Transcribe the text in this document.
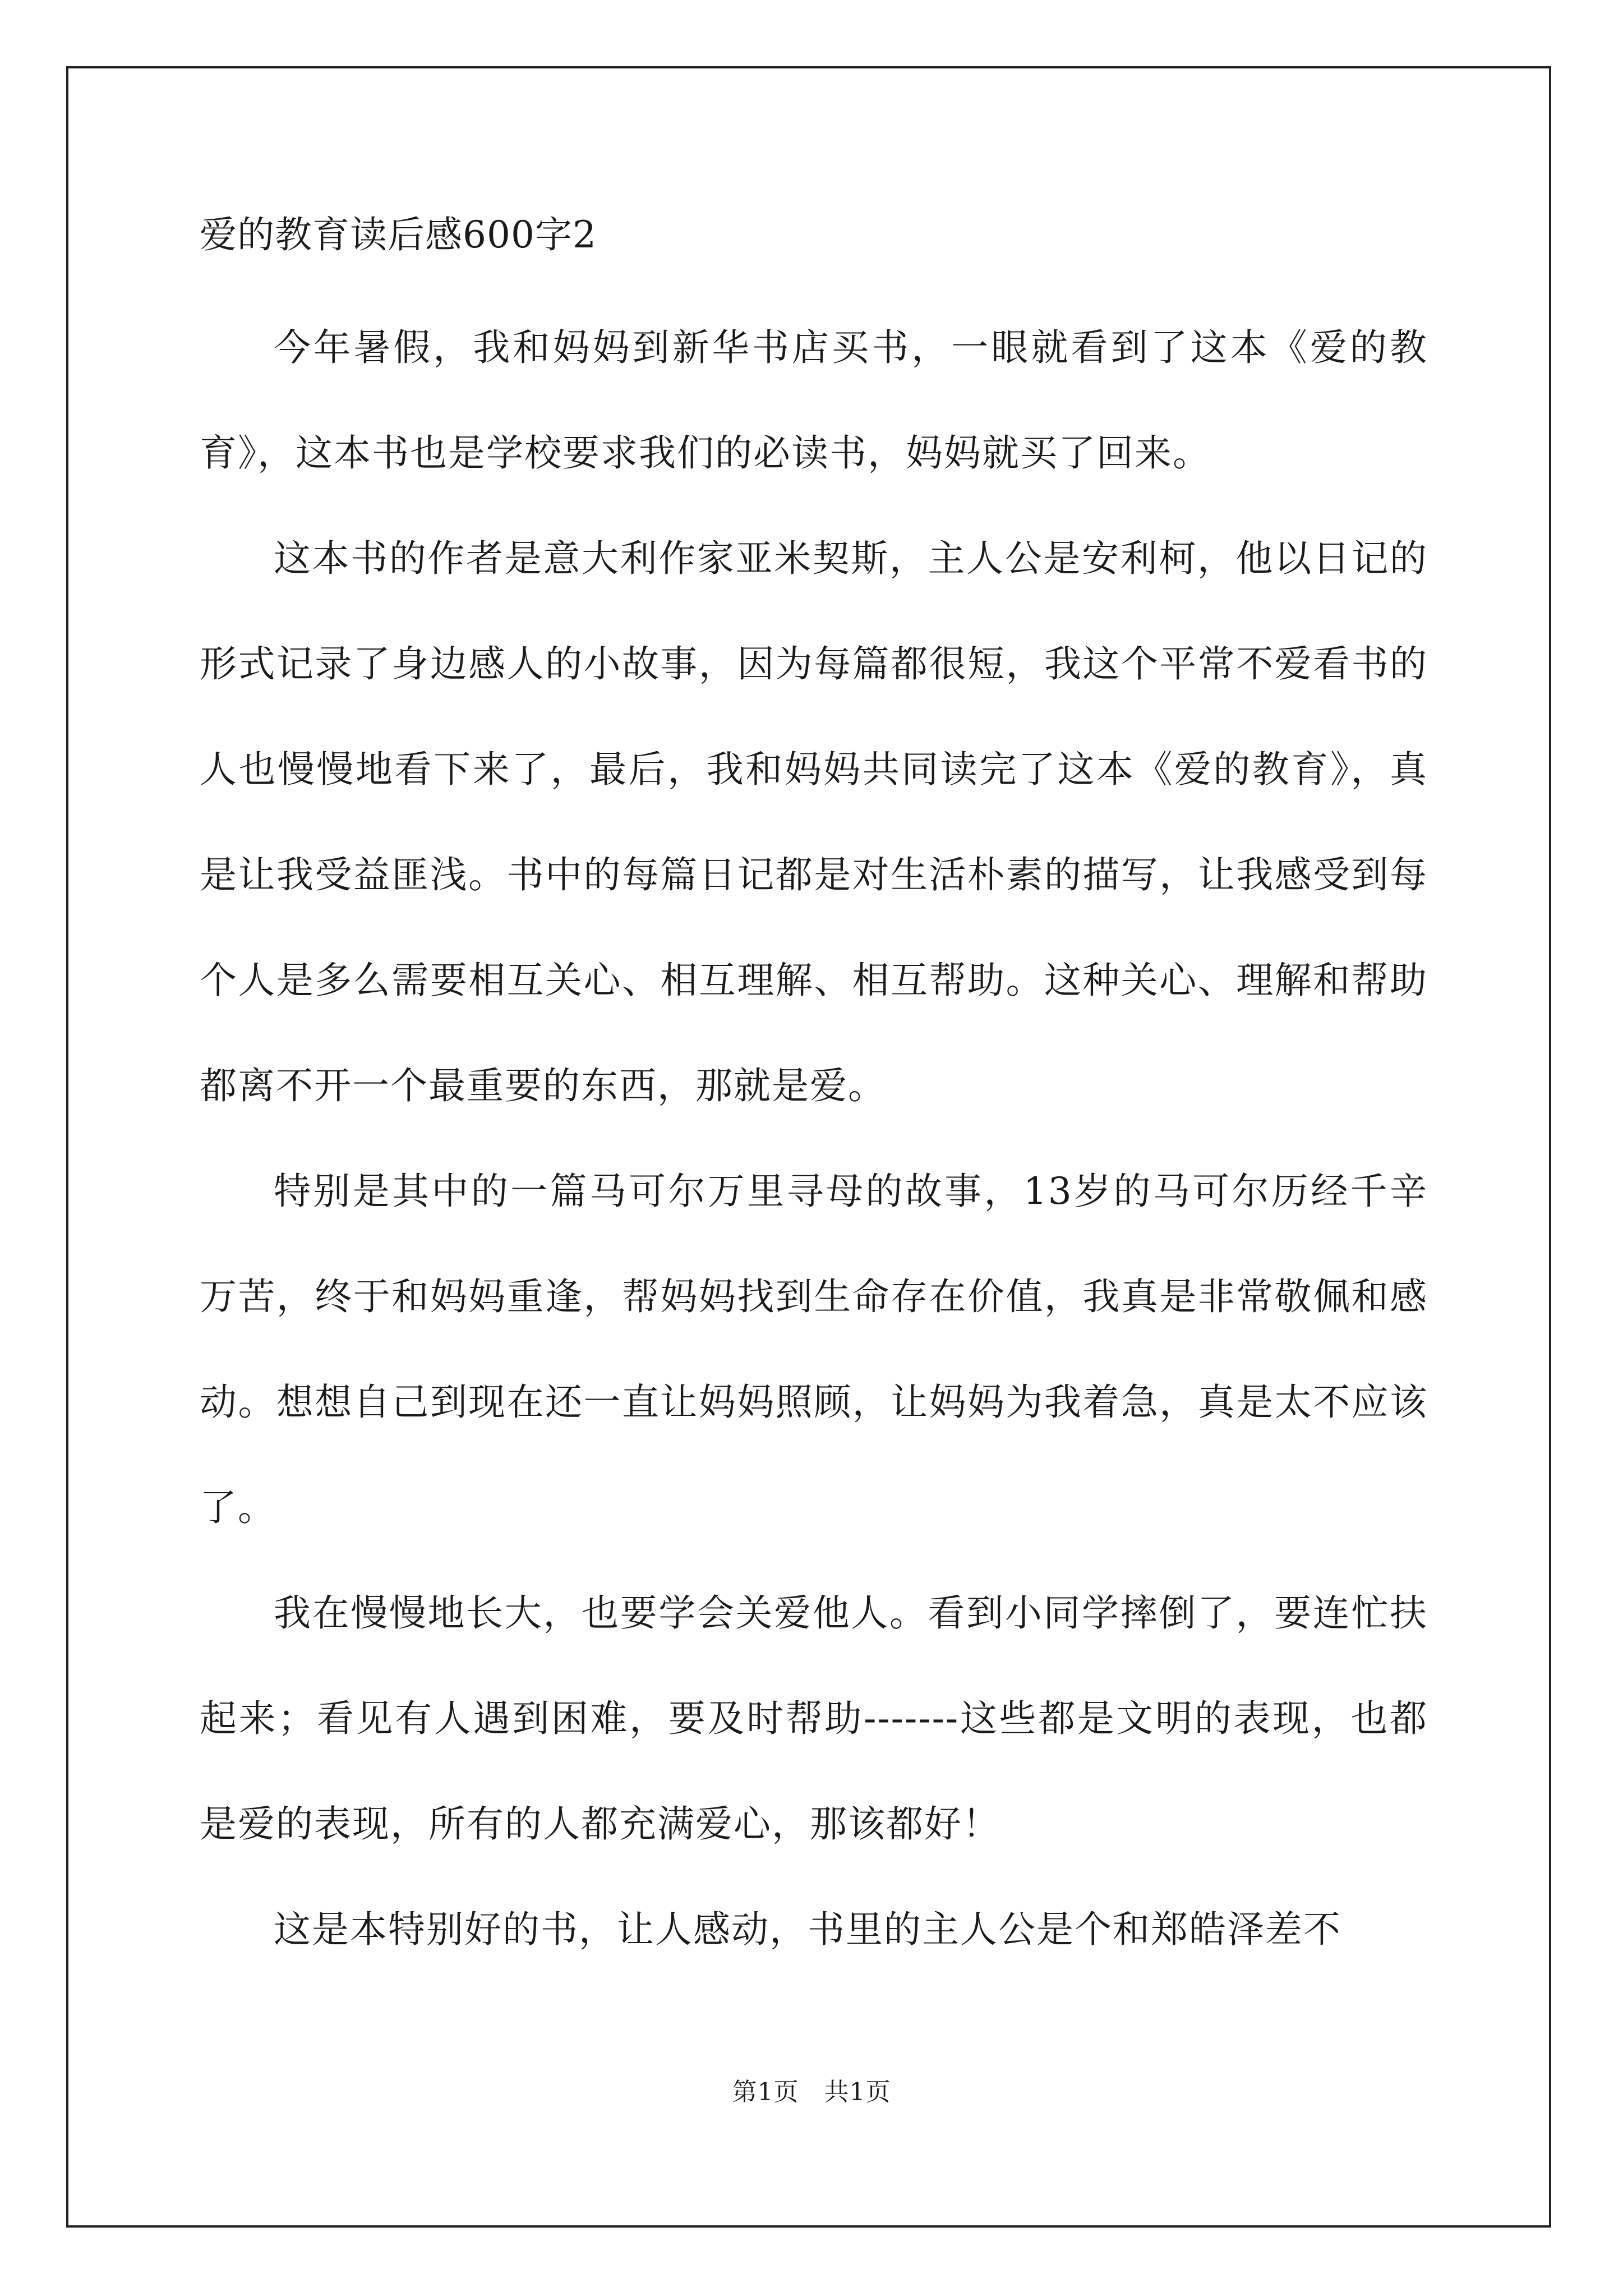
爱的教育读后感600字2

今年暑假，我和妈妈到新华书店买书，一眼就看到了这本《爱的教育》，这本书也是学校要求我们的必读书，妈妈就买了回来。

这本书的作者是意大利作家亚米契斯，主人公是安利柯，他以日记的形式记录了身边感人的小故事，因为每篇都很短，我这个平常不爱看书的人也慢慢地看下来了，最后，我和妈妈共同读完了这本《爱的教育》，真是让我受益匪浅。书中的每篇日记都是对生活朴素的描写，让我感受到每个人是多么需要相互关心、相互理解、相互帮助。这种关心、理解和帮助都离不开一个最重要的东西，那就是爱。

特别是其中的一篇马可尔万里寻母的故事，13岁的马可尔历经千辛万苦，终于和妈妈重逢，帮妈妈找到生命存在价值，我真是非常敬佩和感动。想想自己到现在还一直让妈妈照顾，让妈妈为我着急，真是太不应该了。

我在慢慢地长大，也要学会关爱他人。看到小同学摔倒了，要连忙扶起来；看见有人遇到困难，要及时帮助-------这些都是文明的表现，也都是爱的表现，所有的人都充满爱心，那该都好！

这是本特别好的书，让人感动，书里的主人公是个和郑皓泽差不

第1页　共1页
